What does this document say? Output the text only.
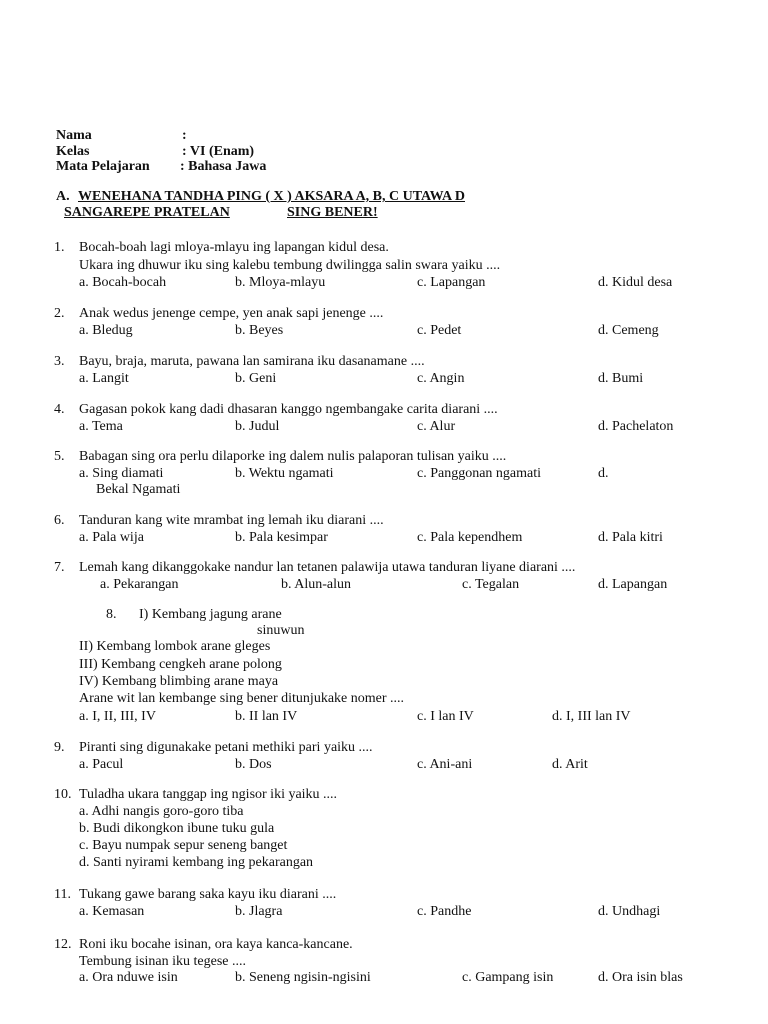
Nama	:
Kelas	: VI (Enam)
Mata Pelajaran : Bahasa Jawa
A. WENEHANA TANDHA PING ( X ) AKSARA A, B, C UTAWA D
SANGAREPE PRATELAN	SING BENER!
1. Bocah-boah lagi mloya-mlayu ing lapangan kidul desa.
Ukara ing dhuwur iku sing kalebu tembung dwilingga salin swara yaiku ....
a. Bocah-bocah	b. Mloya-mlayu	c. Lapangan	d. Kidul desa
2. Anak wedus jenenge cempe, yen anak sapi jenenge ....
a. Bledug	b. Beyes	c. Pedet	d. Cemeng
3. Bayu, braja, maruta, pawana lan samirana iku dasanamane ....
a. Langit	b. Geni	c. Angin	d. Bumi
4. Gagasan pokok kang dadi dhasaran kanggo ngembangake carita diarani ....
a. Tema	b. Judul	c. Alur	d. Pachelaton
5. Babagan sing ora perlu dilaporke ing dalem nulis palaporan tulisan yaiku ....
a. Sing diamati	b. Wektu ngamati	c. Panggonan ngamati	d.
Bekal Ngamati
6. Tanduran kang wite mrambat ing lemah iku diarani ....
a. Pala wija	b. Pala kesimpar	c. Pala kependhem	d. Pala kitri
7. Lemah kang dikanggokake nandur lan tetanen palawija utawa tanduran liyane diarani ....
a. Pekarangan	b. Alun-alun	c. Tegalan	d. Lapangan
8. I) Kembang jagung arane
sinuwun
II) Kembang lombok arane gleges
III) Kembang cengkeh arane polong
IV) Kembang blimbing arane maya
Arane wit lan kembange sing bener ditunjukake nomer ....
a. I, II, III, IV	b. II lan IV	c. I lan IV	d. I, III lan IV
9. Piranti sing digunakake petani methiki pari yaiku ....
a. Pacul	b. Dos	c. Ani-ani	d. Arit
10. Tuladha ukara tanggap ing ngisor iki yaiku ....
a. Adhi nangis goro-goro tiba
b. Budi dikongkon ibune tuku gula
c. Bayu numpak sepur seneng banget
d. Santi nyirami kembang ing pekarangan
11. Tukang gawe barang saka kayu iku diarani ....
a. Kemasan	b. Jlagra	c. Pandhe	d. Undhagi
12. Roni iku bocahe isinan, ora kaya kanca-kancane.
Tembung isinan iku tegese ....
a. Ora nduwe isin	b. Seneng ngisin-ngisini	c. Gampang isin	d. Ora isin blas
